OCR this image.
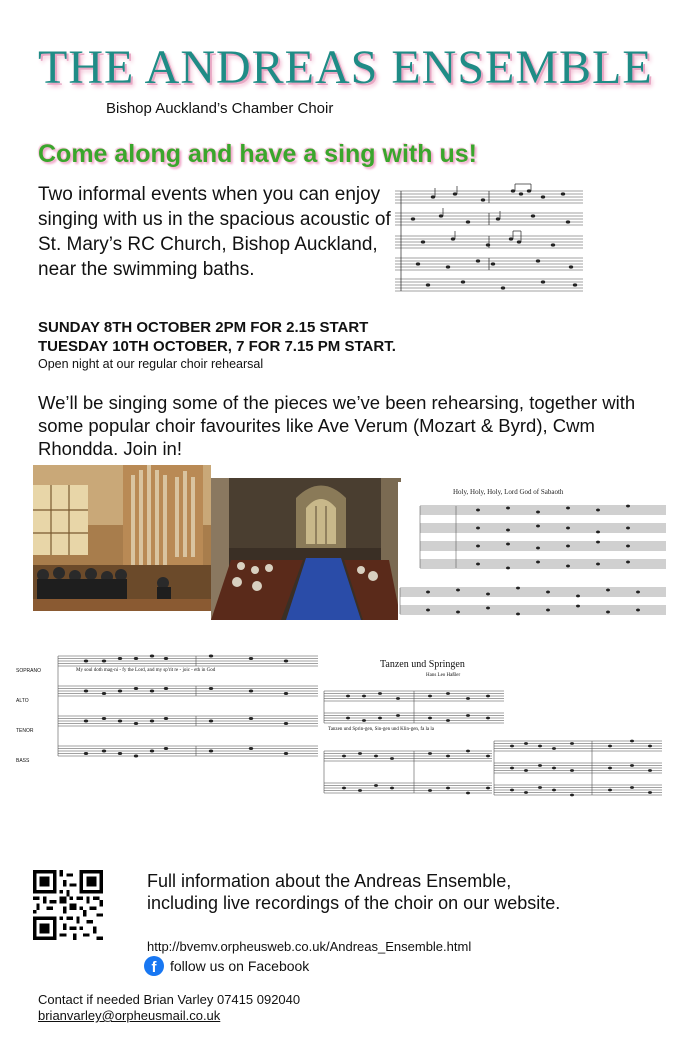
THE ANDREAS ENSEMBLE
Bishop Auckland’s Chamber Choir
Come along and have a sing with us!

Two informal events when you can enjoy singing with us in the spacious acoustic of St. Mary’s RC Church, Bishop Auckland, near the swimming baths.

SUNDAY 8TH OCTOBER 2PM FOR 2.15 START
TUESDAY 10TH OCTOBER, 7 FOR 7.15 PM START.
Open night at our regular choir rehearsal

We’ll be singing some of the pieces we’ve been rehearsing, together with some popular choir favourites like Ave Verum (Mozart & Byrd), Cwm Rhondda. Join in!

Holy, Holy, Holy, Lord God of Sabaoth
SOPRANO
ALTO
TENOR
BASS
My soul doth mag-ni - fy the Lord, and my sp'rit re - joic - eth in God
Tanzen und Springen
Hans Leo Haßler
Tanzen und Sprin-gen, Sin-gen und Klin-gen, fa la la

Full information about the Andreas Ensemble, including live recordings of the choir on our website.

http://bvemv.orpheusweb.co.uk/Andreas_Ensemble.html
f follow us on Facebook
Contact if needed Brian Varley 07415 092040
brianvarley@orpheusmail.co.uk
